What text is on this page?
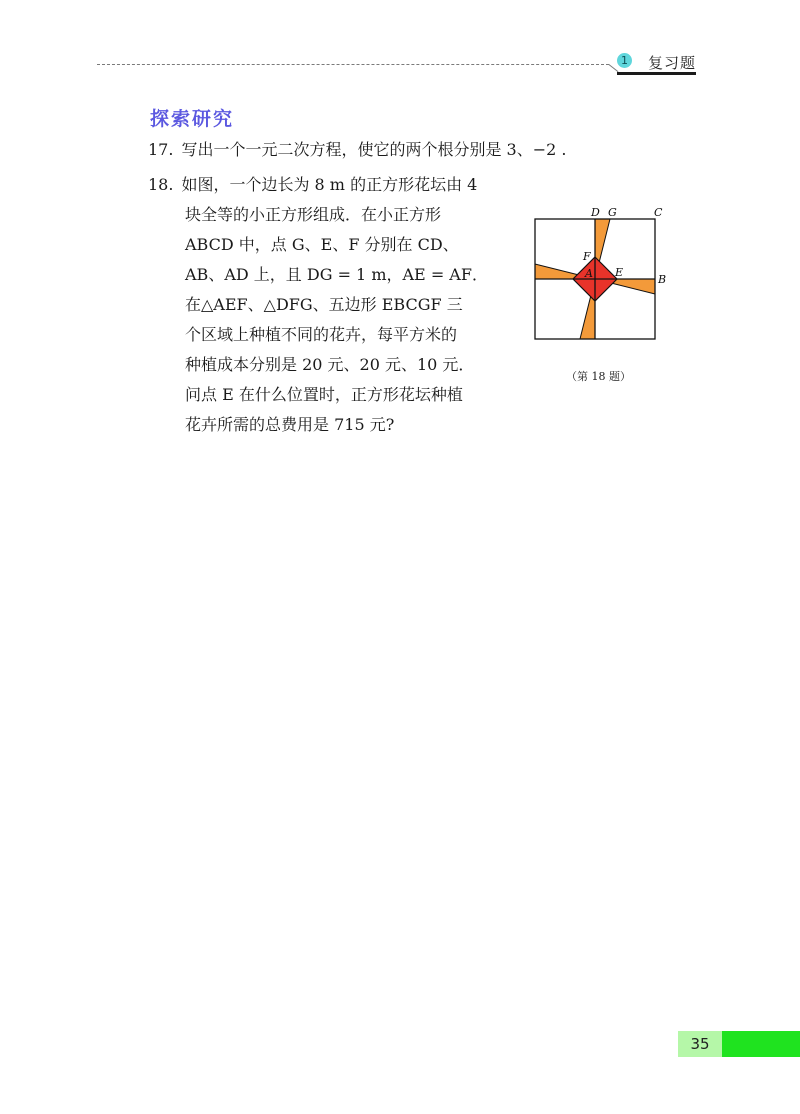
1 复习题
探索研究
17. 写出一个一元二次方程，使它的两个根分别是 3、−2 .
18. 如图，一个边长为 8 m 的正方形花坛由 4
块全等的小正方形组成．在小正方形
ABCD 中，点 G、E、F 分别在 CD、
AB、AD 上，且 DG = 1 m，AE = AF．
在△AEF、△DFG、五边形 EBCGF 三
个区域上种植不同的花卉，每平方米的
种植成本分别是 20 元、20 元、10 元．
问点 E 在什么位置时，正方形花坛种植
花卉所需的总费用是 715 元?
D G	C
F
A E
B
（第 18 题）
35
